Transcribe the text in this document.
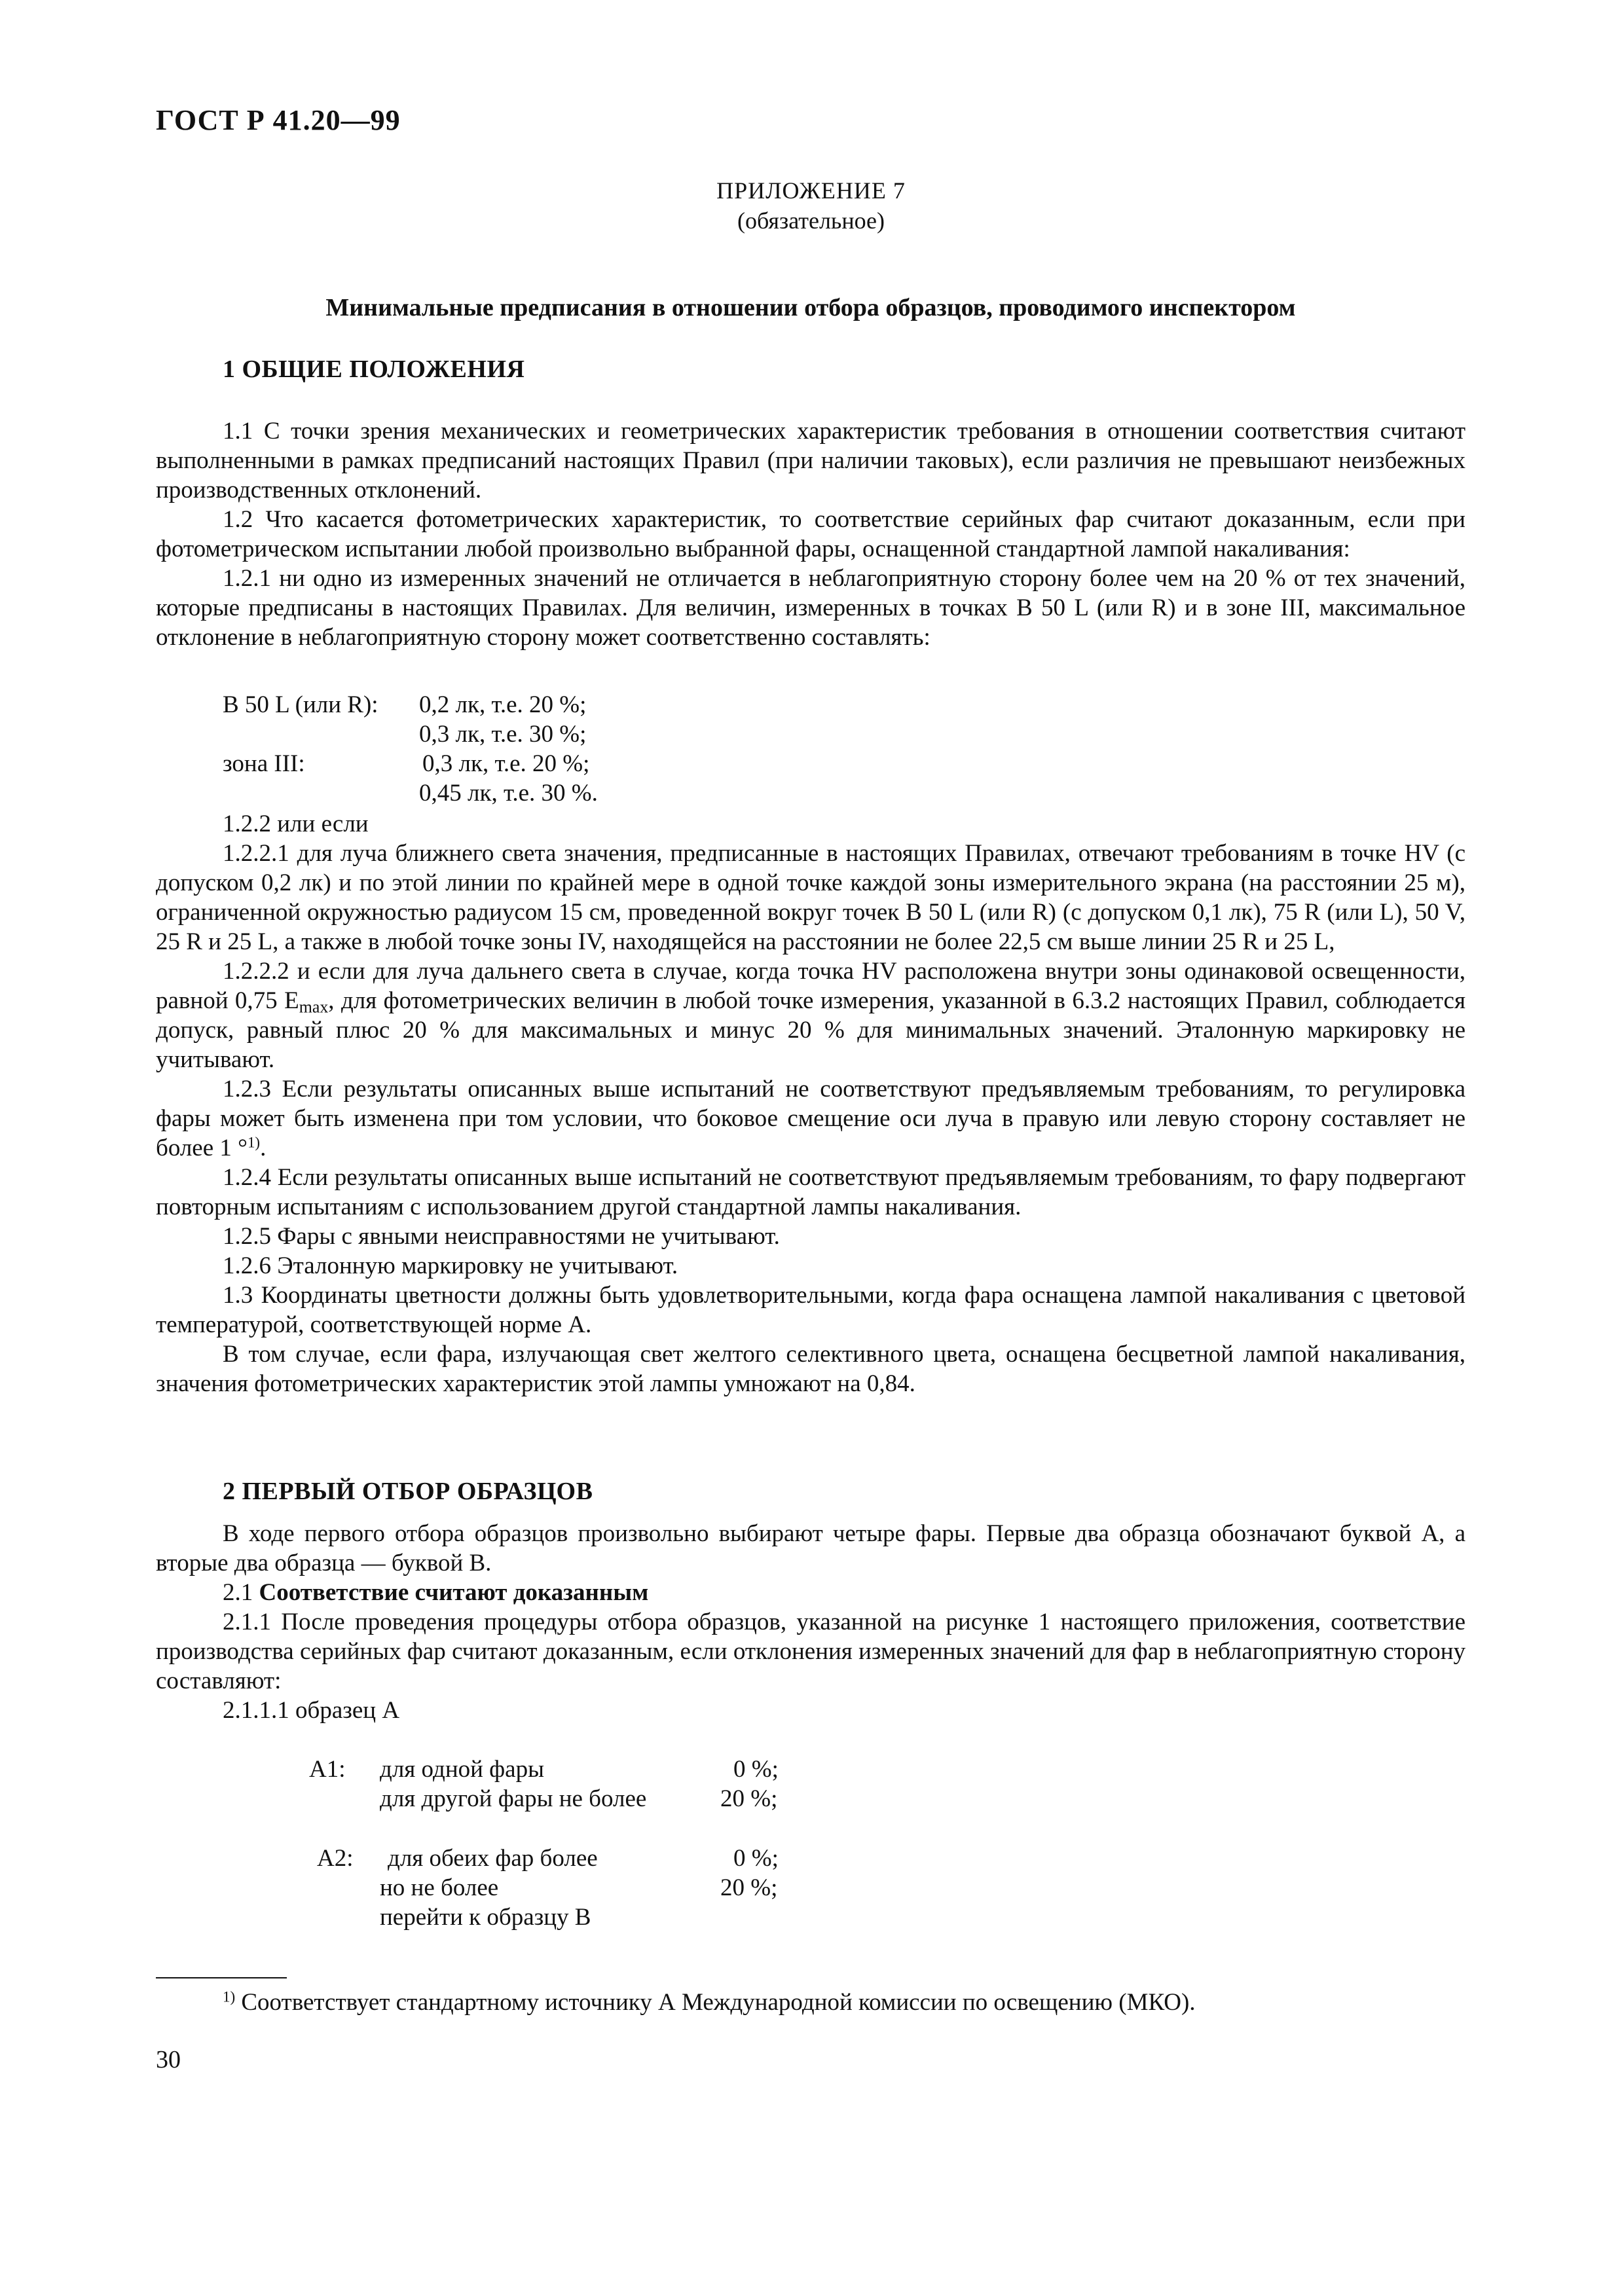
ГОСТ Р 41.20—99
ПРИЛОЖЕНИЕ 7
(обязательное)
Минимальные предписания в отношении отбора образцов, проводимого инспектором
1 ОБЩИЕ ПОЛОЖЕНИЯ

1.1 С точки зрения механических и геометрических характеристик требования в отношении соответствия считают выполненными в рамках предписаний настоящих Правил (при наличии таковых), если различия не превышают неизбежных производственных отклонений.

1.2 Что касается фотометрических характеристик, то соответствие серийных фар считают доказанным, если при фотометрическом испытании любой произвольно выбранной фары, оснащенной стандартной лампой накаливания:

1.2.1 ни одно из измеренных значений не отличается в неблагоприятную сторону более чем на 20 % от тех значений, которые предписаны в настоящих Правилах. Для величин, измеренных в точках В 50 L (или R) и в зоне III, максимальное отклонение в неблагоприятную сторону может соответственно составлять:

В 50 L (или R): 0,2 лк, т.е. 20 %;
0,3 лк, т.е. 30 %;
зона III:	0,3 лк, т.е. 20 %;
0,45 лк, т.е. 30 %.

1.2.2 или если

1.2.2.1 для луча ближнего света значения, предписанные в настоящих Правилах, отвечают требованиям в точке HV (с допуском 0,2 лк) и по этой линии по крайней мере в одной точке каждой зоны измерительного экрана (на расстоянии 25 м), ограниченной окружностью радиусом 15 см, проведенной вокруг точек В 50 L (или R) (с допуском 0,1 лк), 75 R (или L), 50 V, 25 R и 25 L, а также в любой точке зоны IV, находящейся на расстоянии не более 22,5 см выше линии 25 R и 25 L,

1.2.2.2 и если для луча дальнего света в случае, когда точка HV расположена внутри зоны одинаковой освещенности, равной 0,75 $E_{max}$, для фотометрических величин в любой точке измерения, указанной в 6.3.2 настоящих Правил, соблюдается допуск, равный плюс 20 % для максимальных и минус 20 % для минимальных значений. Эталонную маркировку не учитывают.

1.2.3 Если результаты описанных выше испытаний не соответствуют предъявляемым требованиям, то регулировка фары может быть изменена при том условии, что боковое смещение оси луча в правую или левую сторону составляет не более 1 °$^{1)}$.

1.2.4 Если результаты описанных выше испытаний не соответствуют предъявляемым требованиям, то фару подвергают повторным испытаниям с использованием другой стандартной лампы накаливания.

1.2.5 Фары с явными неисправностями не учитывают.

1.2.6 Эталонную маркировку не учитывают.

1.3 Координаты цветности должны быть удовлетворительными, когда фара оснащена лампой накаливания с цветовой температурой, соответствующей норме А.

В том случае, если фара, излучающая свет желтого селективного цвета, оснащена бесцветной лампой накаливания, значения фотометрических характеристик этой лампы умножают на 0,84.

2 ПЕРВЫЙ ОТБОР ОБРАЗЦОВ

В ходе первого отбора образцов произвольно выбирают четыре фары. Первые два образца обозначают буквой А, а вторые два образца — буквой В.

2.1 Соответствие считают доказанным

2.1.1 После проведения процедуры отбора образцов, указанной на рисунке 1 настоящего приложения, соответствие производства серийных фар считают доказанным, если отклонения измеренных значений для фар в неблагоприятную сторону составляют:

2.1.1.1 образец А

А1: для одной фары	0 %;
для другой фары не более	20 %;
А2: для обеих фар более	0 %;
но не более	20 %;
перейти к образцу В
$^{1)}$ Соответствует стандартному источнику А Международной комиссии по освещению (МКО).
30
